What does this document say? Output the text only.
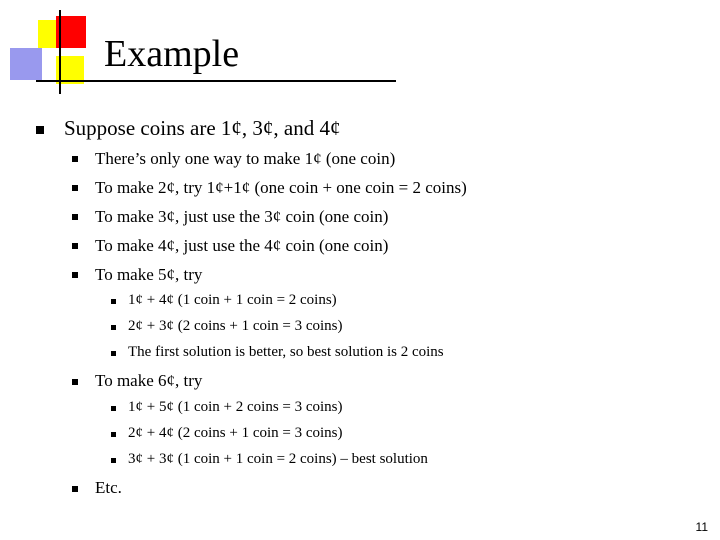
Example
Suppose coins are 1¢, 3¢, and 4¢
There’s only one way to make 1¢ (one coin)
To make 2¢, try 1¢+1¢ (one coin + one coin = 2 coins)
To make 3¢, just use the 3¢ coin (one coin)
To make 4¢, just use the 4¢ coin (one coin)
To make 5¢, try
1¢ + 4¢ (1 coin + 1 coin = 2 coins)
2¢ + 3¢ (2 coins + 1 coin = 3 coins)
The first solution is better, so best solution is 2 coins
To make 6¢, try
1¢ + 5¢ (1 coin + 2 coins = 3 coins)
2¢ + 4¢ (2 coins + 1 coin = 3 coins)
3¢ + 3¢ (1 coin + 1 coin = 2 coins) – best solution
Etc.
11
